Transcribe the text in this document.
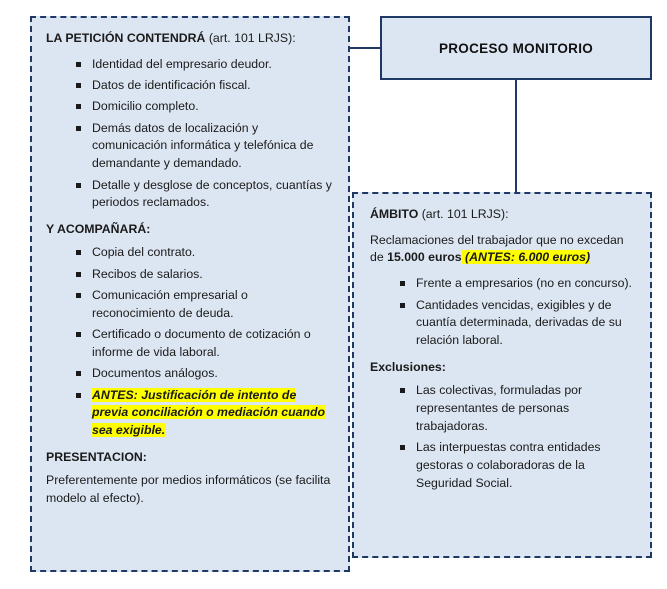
PROCESO MONITORIO
LA PETICIÓN CONTENDRÁ (art. 101 LRJS):
Identidad del empresario deudor.
Datos de identificación fiscal.
Domicilio completo.
Demás datos de localización y comunicación informática y telefónica de demandante y demandado.
Detalle y desglose de conceptos, cuantías y periodos reclamados.
Y ACOMPAÑARÁ:
Copia del contrato.
Recibos de salarios.
Comunicación empresarial o reconocimiento de deuda.
Certificado o documento de cotización o informe de vida laboral.
Documentos análogos.
ANTES: Justificación de intento de previa conciliación o mediación cuando sea exigible.
PRESENTACION:
Preferentemente por medios informáticos (se facilita modelo al efecto).
ÁMBITO (art. 101 LRJS):
Reclamaciones del trabajador que no excedan de 15.000 euros (ANTES: 6.000 euros)
Frente a empresarios (no en concurso).
Cantidades vencidas, exigibles y de cuantía determinada, derivadas de su relación laboral.
Exclusiones:
Las colectivas, formuladas por representantes de personas trabajadoras.
Las interpuestas contra entidades gestoras o colaboradoras de la Seguridad Social.
